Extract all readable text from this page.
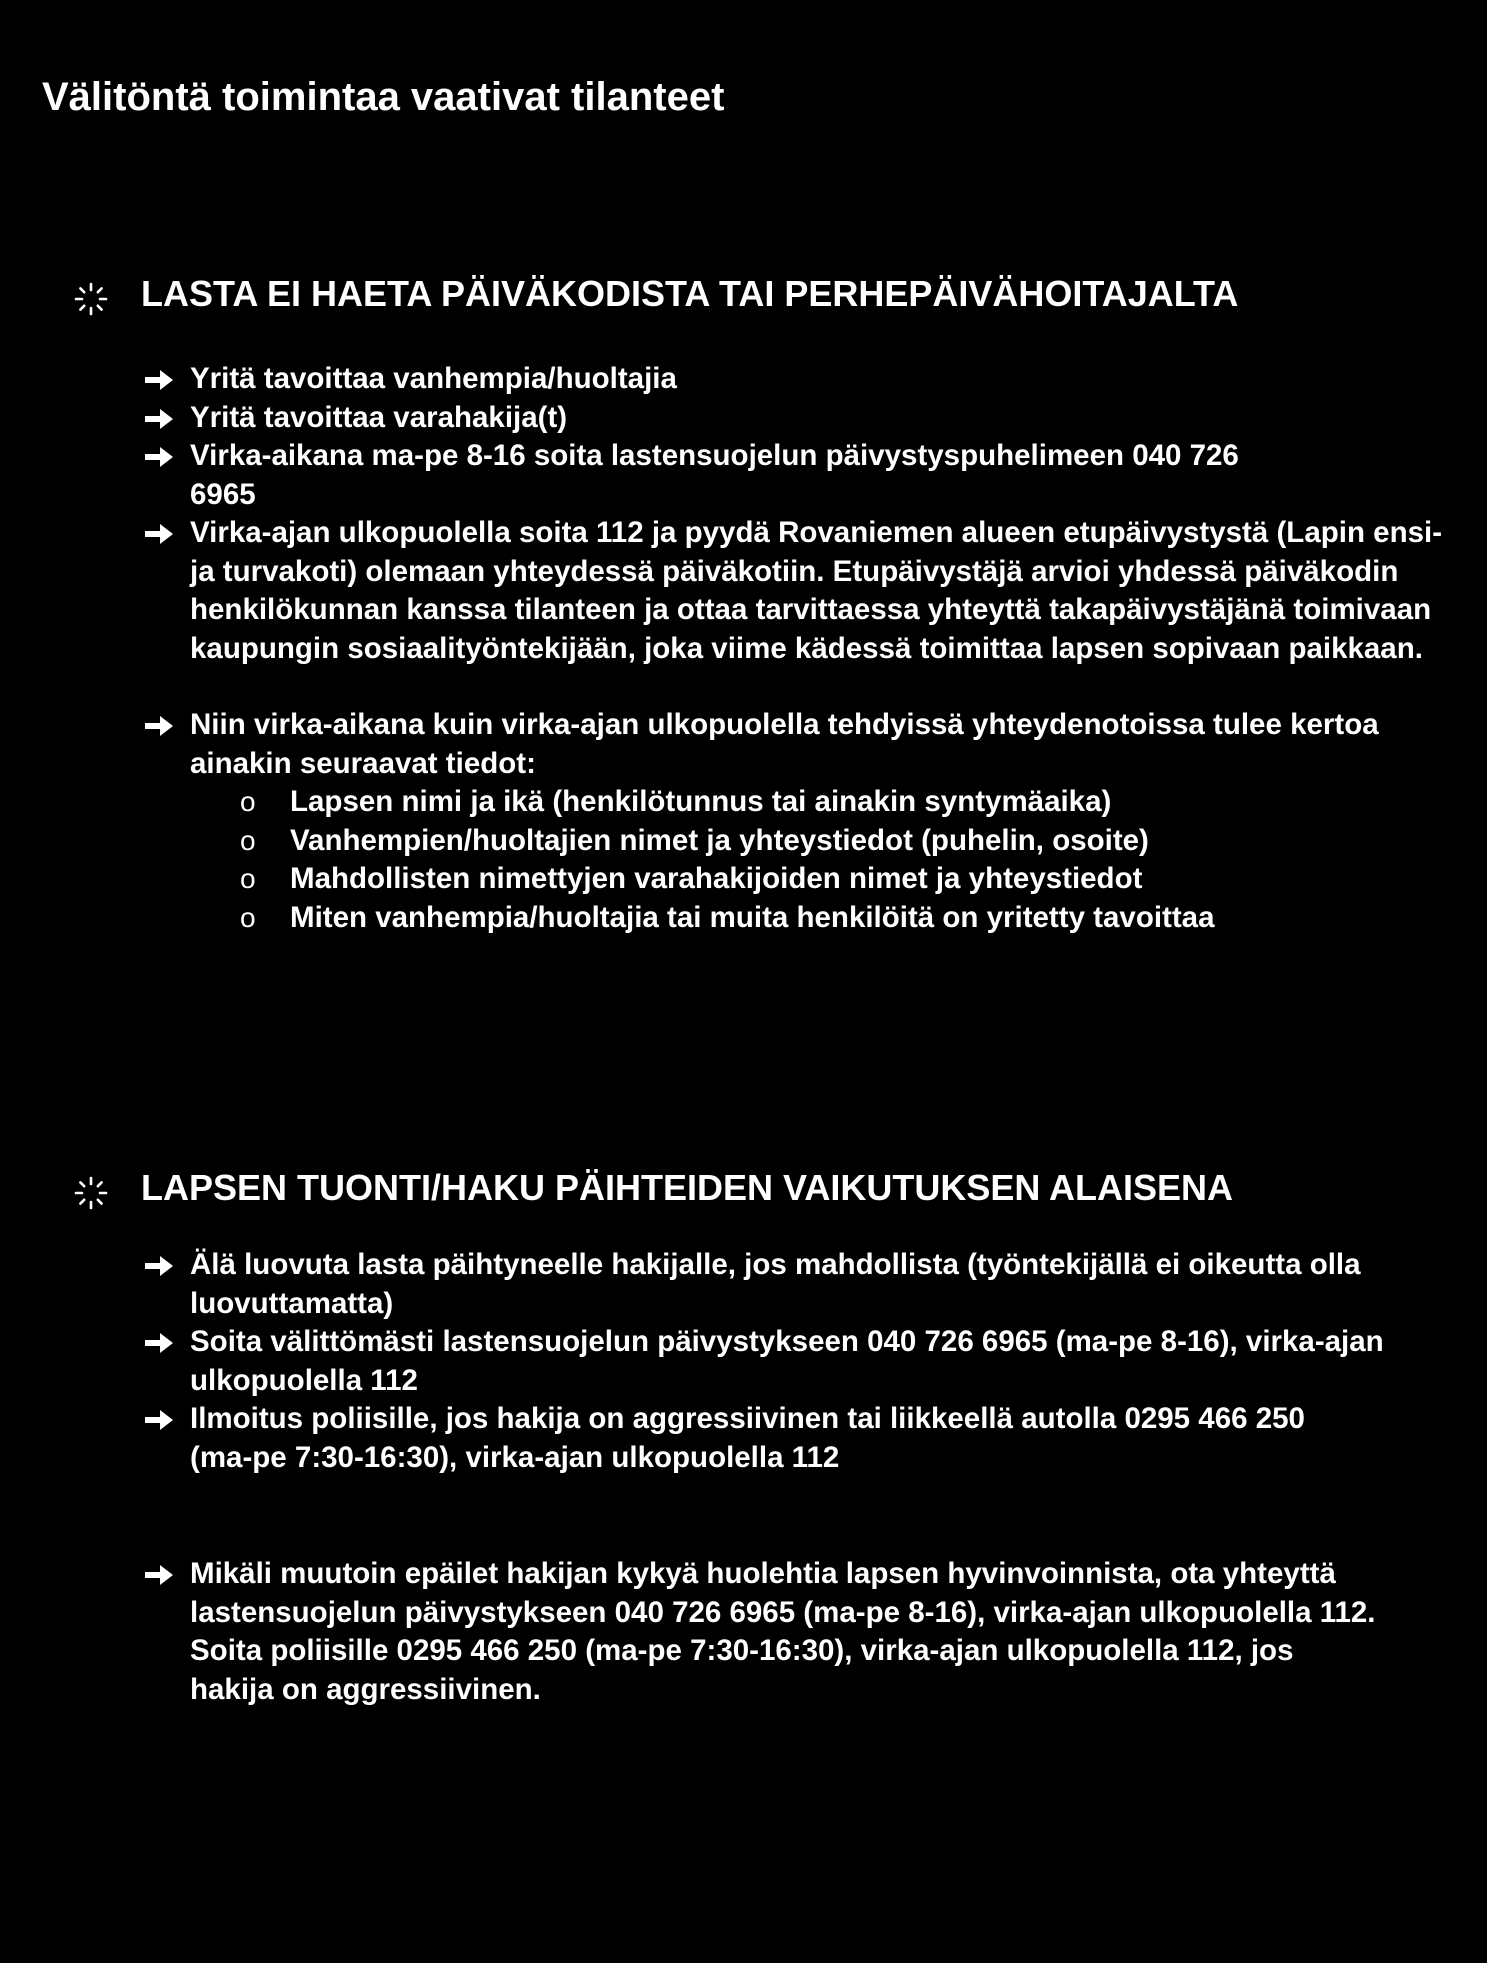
Välitöntä toimintaa vaativat tilanteet
LASTA EI HAETA PÄIVÄKODISTA TAI PERHEPÄIVÄHOITAJALTA
Yritä tavoittaa vanhempia/huoltajia
Yritä tavoittaa varahakija(t)
Virka-aikana ma-pe 8-16 soita lastensuojelun päivystyspuhelimeen 040 726 6965
Virka-ajan ulkopuolella soita 112 ja pyydä Rovaniemen alueen etupäivystystä (Lapin ensi- ja turvakoti) olemaan yhteydessä päiväkotiin. Etupäivystäjä arvioi yhdessä päiväkodin henkilökunnan kanssa tilanteen ja ottaa tarvittaessa yhteyttä takapäivystäjänä toimivaan kaupungin sosiaalityöntekijään, joka viime kädessä toimittaa lapsen sopivaan paikkaan.
Niin virka-aikana kuin virka-ajan ulkopuolella tehdyissä yhteydenotoissa tulee kertoa ainakin seuraavat tiedot:
o Lapsen nimi ja ikä (henkilötunnus tai ainakin syntymäaika)
o Vanhempien/huoltajien nimet ja yhteystiedot (puhelin, osoite)
o Mahdollisten nimettyjen varahakijoiden nimet ja yhteystiedot
o Miten vanhempia/huoltajia tai muita henkilöitä on yritetty tavoittaa
LAPSEN TUONTI/HAKU PÄIHTEIDEN VAIKUTUKSEN ALAISENA
Älä luovuta lasta päihtyneelle hakijalle, jos mahdollista (työntekijällä ei oikeutta olla luovuttamatta)
Soita välittömästi lastensuojelun päivystykseen 040 726 6965 (ma-pe 8-16), virka-ajan ulkopuolella 112
Ilmoitus poliisille, jos hakija on aggressiivinen tai liikkeellä autolla 0295 466 250 (ma-pe 7:30-16:30), virka-ajan ulkopuolella 112
Mikäli muutoin epäilet hakijan kykyä huolehtia lapsen hyvinvoinnista, ota yhteyttä lastensuojelun päivystykseen 040 726 6965 (ma-pe 8-16), virka-ajan ulkopuolella 112. Soita poliisille 0295 466 250 (ma-pe 7:30-16:30), virka-ajan ulkopuolella 112, jos hakija on aggressiivinen.
